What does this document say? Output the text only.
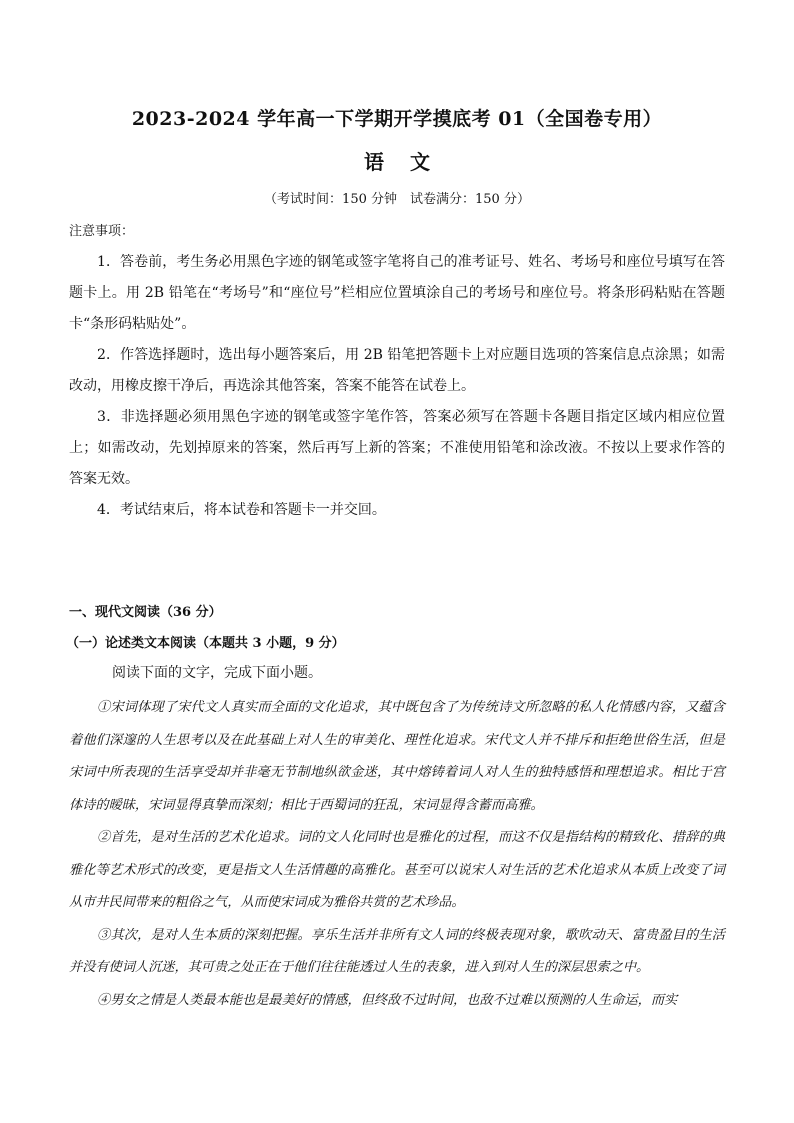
2023-2024 学年高一下学期开学摸底考 01（全国卷专用）
语 文
（考试时间：150 分钟　试卷满分：150 分）
注意事项：

1．答卷前，考生务必用黑色字迹的钢笔或签字笔将自己的准考证号、姓名、考场号和座位号填写在答题卡上。用 2B 铅笔在“考场号”和“座位号”栏相应位置填涂自己的考场号和座位号。将条形码粘贴在答题卡“条形码粘贴处”。

2．作答选择题时，选出每小题答案后，用 2B 铅笔把答题卡上对应题目选项的答案信息点涂黑；如需改动，用橡皮擦干净后，再选涂其他答案，答案不能答在试卷上。

3．非选择题必须用黑色字迹的钢笔或签字笔作答，答案必须写在答题卡各题目指定区域内相应位置上；如需改动，先划掉原来的答案，然后再写上新的答案；不准使用铅笔和涂改液。不按以上要求作答的答案无效。

4．考试结束后，将本试卷和答题卡一并交回。

一、现代文阅读（36 分）
（一）论述类文本阅读（本题共 3 小题，9 分）
阅读下面的文字，完成下面小题。

①宋词体现了宋代文人真实而全面的文化追求，其中既包含了为传统诗文所忽略的私人化情感内容，又蕴含着他们深邃的人生思考以及在此基础上对人生的审美化、理性化追求。宋代文人并不排斥和拒绝世俗生活，但是宋词中所表现的生活享受却并非毫无节制地纵欲金迷，其中熔铸着词人对人生的独特感悟和理想追求。相比于宫体诗的暧昧，宋词显得真挚而深刻；相比于西蜀词的狂乱，宋词显得含蓄而高雅。

②首先，是对生活的艺术化追求。词的文人化同时也是雅化的过程，而这不仅是指结构的精致化、措辞的典雅化等艺术形式的改变，更是指文人生活情趣的高雅化。甚至可以说宋人对生活的艺术化追求从本质上改变了词从市井民间带来的粗俗之气，从而使宋词成为雅俗共赏的艺术珍品。

③其次，是对人生本质的深刻把握。享乐生活并非所有文人词的终极表现对象，歌吹动天、富贵盈目的生活并没有使词人沉迷，其可贵之处正在于他们往往能透过人生的表象，进入到对人生的深层思索之中。

④男女之情是人类最本能也是最美好的情感，但终敌不过时间，也敌不过难以预测的人生命运，而实
